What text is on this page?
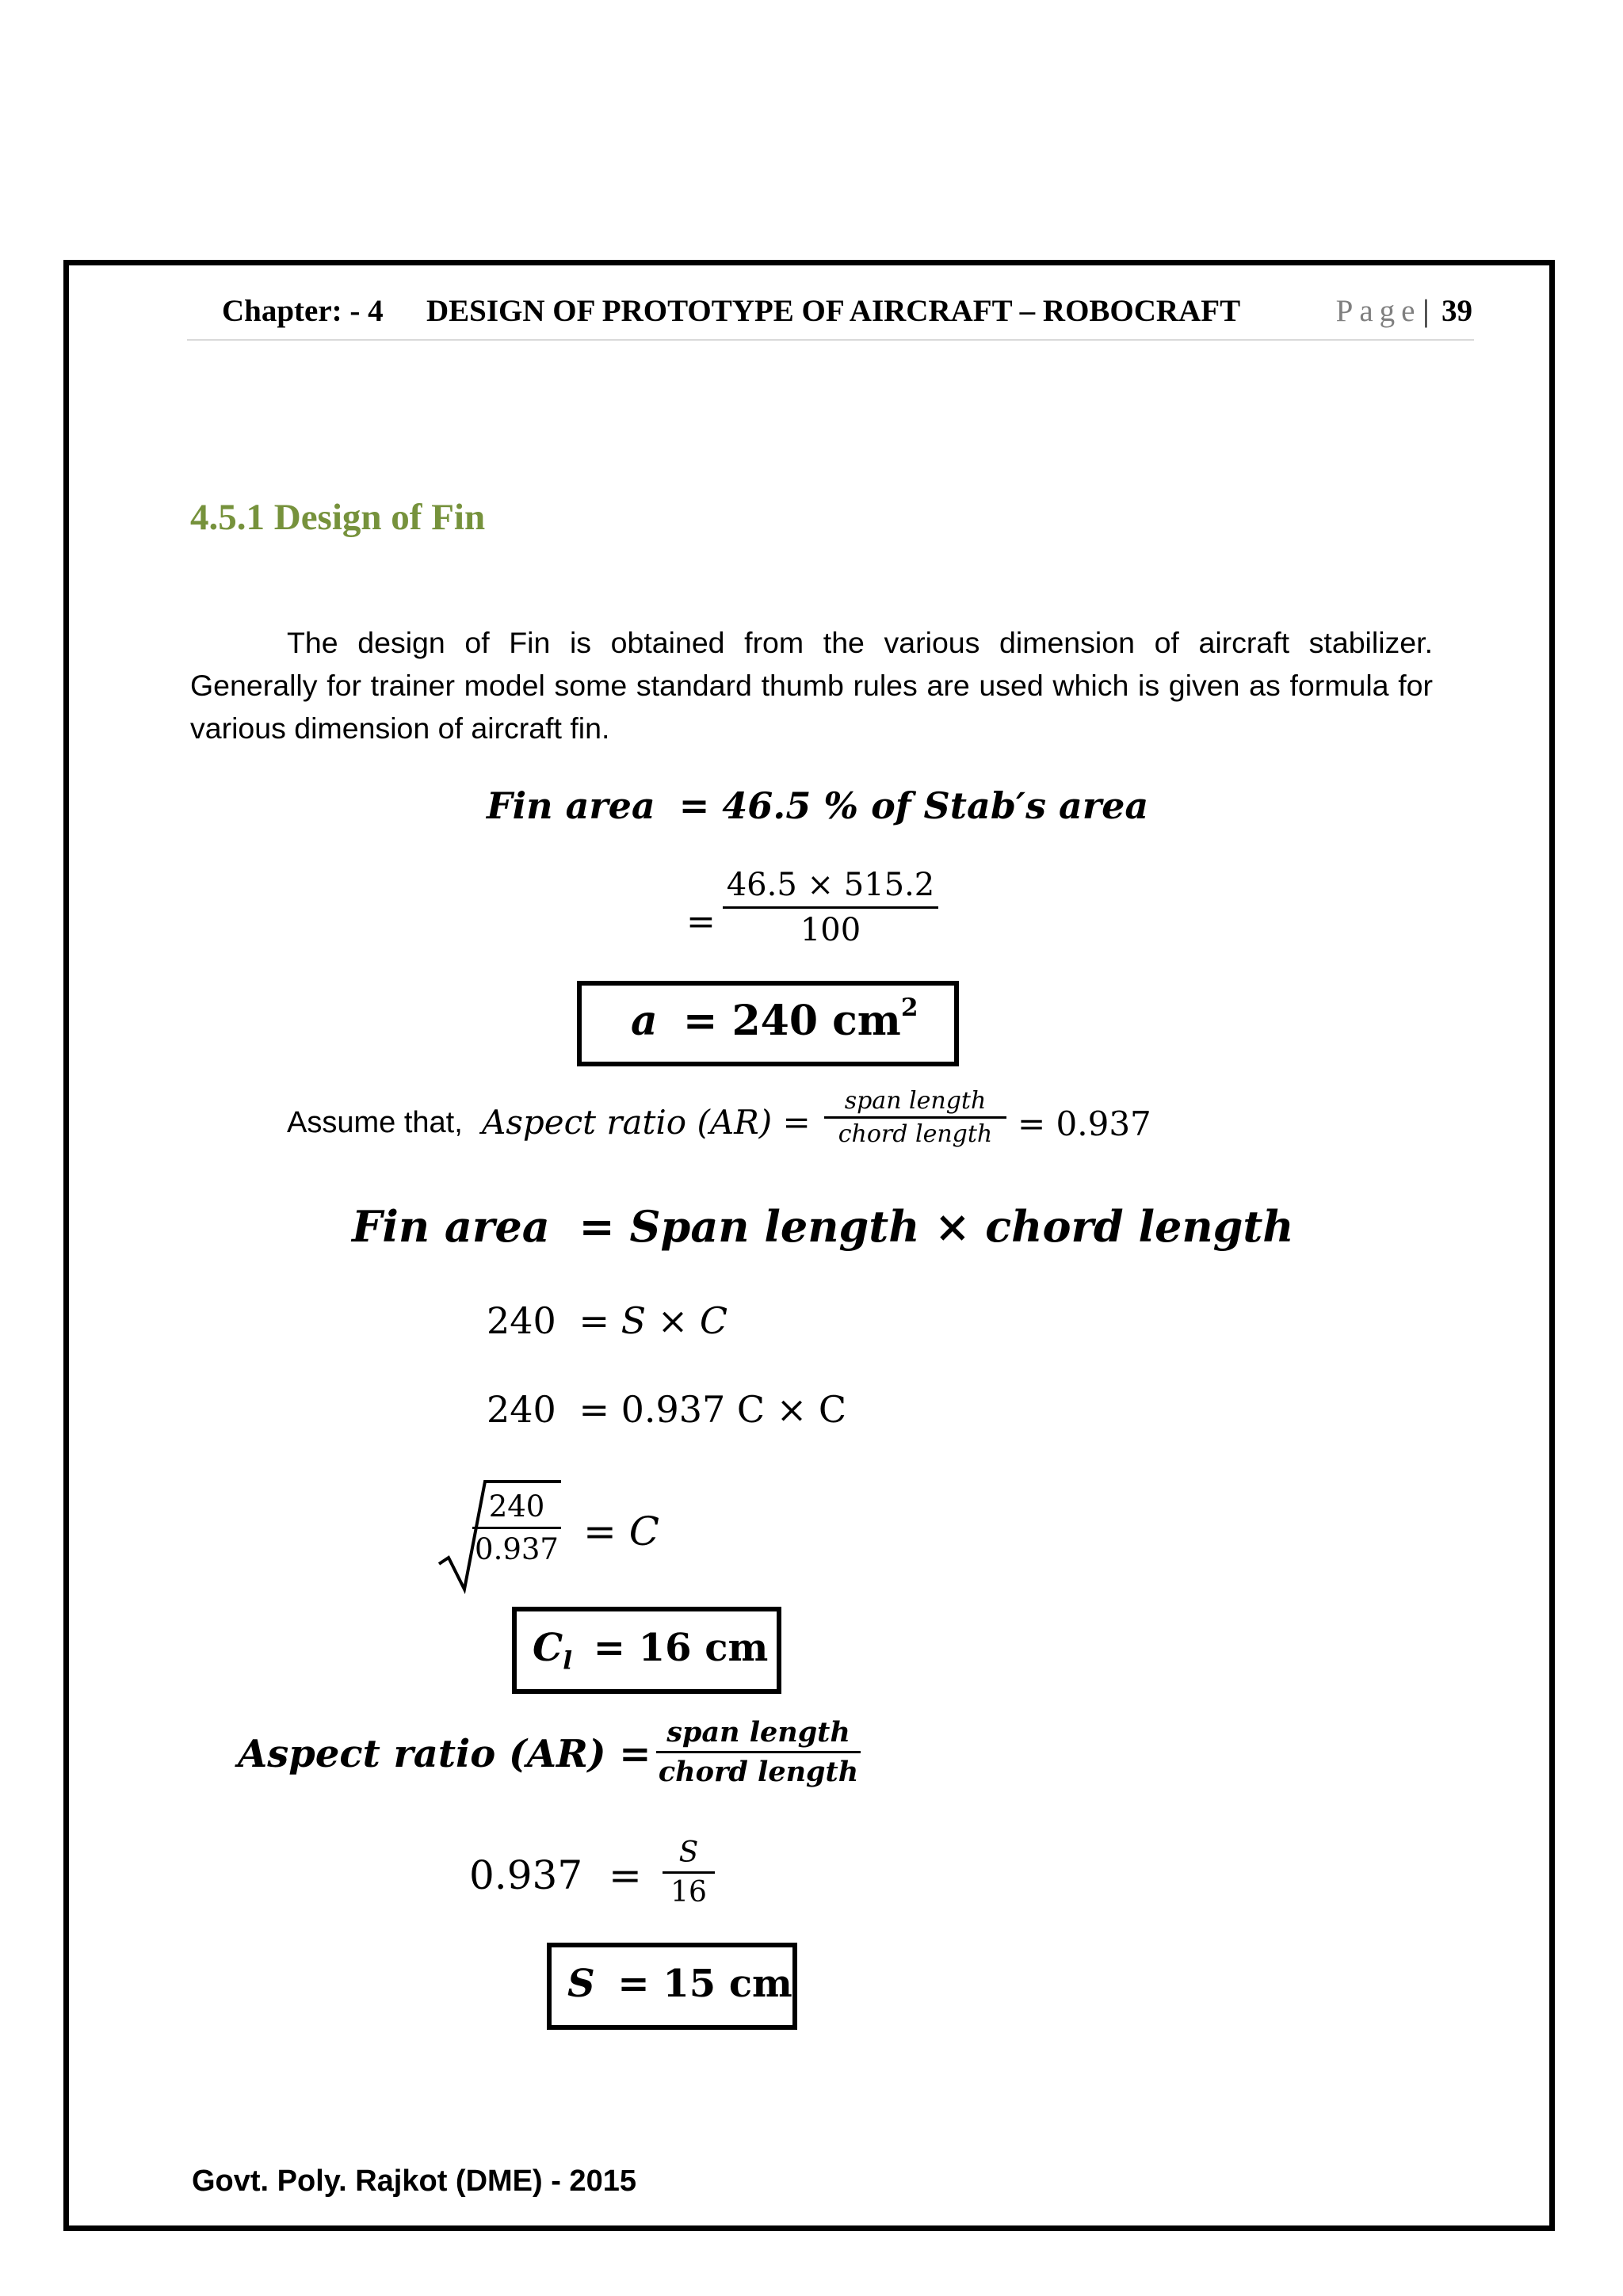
Chapter: - 4 DESIGN OF PROTOTYPE OF AIRCRAFT – ROBOCRAFT	Page| 39
4.5.1 Design of Fin
The design of Fin is obtained from the various dimension of aircraft stabilizer. Generally for trainer model some standard thumb rules are used which is given as formula for various dimension of aircraft fin.
Fin area = 46.5 % of Stab′s area
=
46.5 × 515.2
100
a = 240 $cm^2$
Assume that, Aspect ratio (AR) =
span length
chord length = 0.937
Fin area = Span length × chord length
240 = S × C
240 = 0.937 C × C
240
0.937 = C
$C_l = 16$ cm
Aspect ratio (AR) = span length
chord length
0.937 =	S
16
S = 15 cm
Govt. Poly. Rajkot (DME) - 2015
